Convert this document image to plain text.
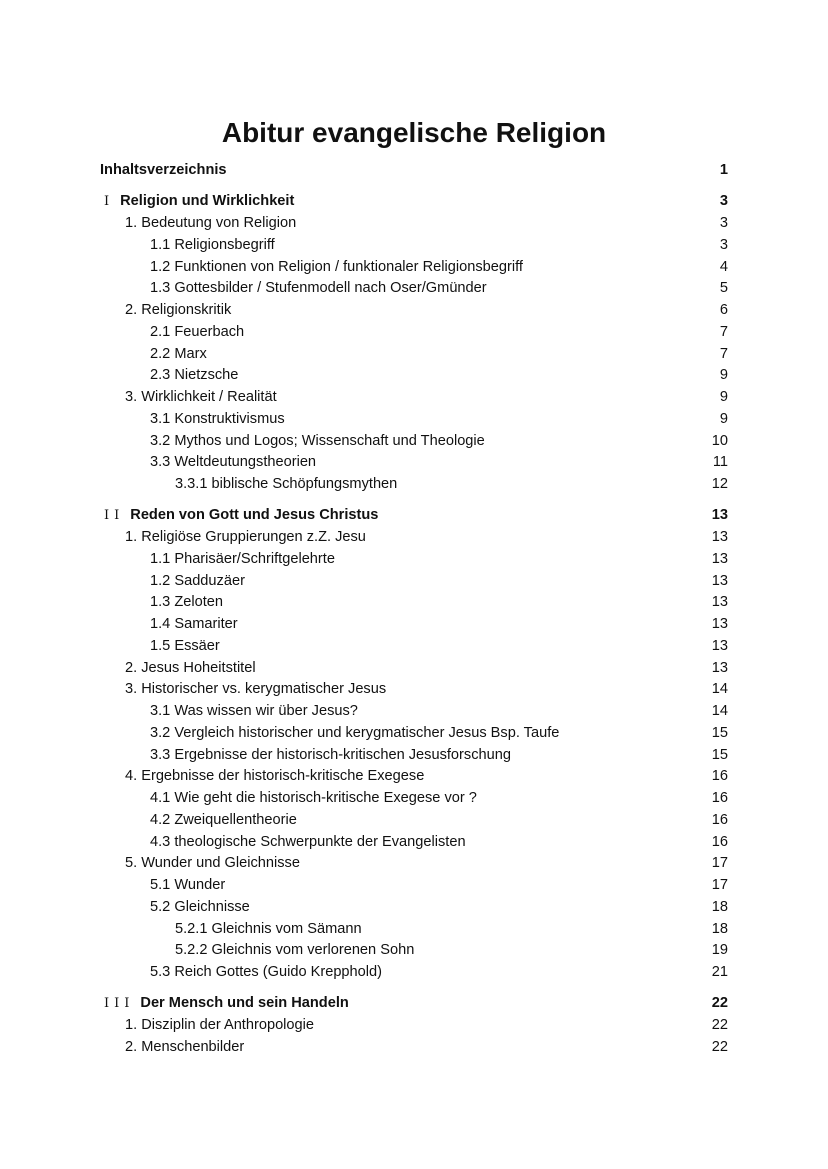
Abitur evangelische Religion
Inhaltsverzeichnis	1
I Religion und Wirklichkeit	3
1. Bedeutung von Religion	3
1.1 Religionsbegriff	3
1.2 Funktionen von Religion / funktionaler Religionsbegriff	4
1.3 Gottesbilder / Stufenmodell nach Oser/Gmünder	5
2. Religionskritik	6
2.1 Feuerbach	7
2.2 Marx	7
2.3 Nietzsche	9
3. Wirklichkeit / Realität	9
3.1 Konstruktivismus	9
3.2 Mythos und Logos; Wissenschaft und Theologie	10
3.3 Weltdeutungstheorien	11
3.3.1 biblische Schöpfungsmythen	12
II Reden von Gott und Jesus Christus	13
1. Religiöse Gruppierungen z.Z. Jesu	13
1.1 Pharisäer/Schriftgelehrte	13
1.2 Sadduzäer	13
1.3 Zeloten	13
1.4 Samariter	13
1.5 Essäer	13
2. Jesus Hoheitstitel	13
3. Historischer vs. kerygmatischer Jesus	14
3.1 Was wissen wir über Jesus?	14
3.2 Vergleich historischer und kerygmatischer Jesus Bsp. Taufe	15
3.3 Ergebnisse der historisch-kritischen Jesusforschung	15
4. Ergebnisse der historisch-kritische Exegese	16
4.1 Wie geht die historisch-kritische Exegese vor ?	16
4.2 Zweiquellentheorie	16
4.3 theologische Schwerpunkte der Evangelisten	16
5. Wunder und Gleichnisse	17
5.1 Wunder	17
5.2 Gleichnisse	18
5.2.1 Gleichnis vom Sämann	18
5.2.2 Gleichnis vom verlorenen Sohn	19
5.3 Reich Gottes (Guido Krepphold)	21
III Der Mensch und sein Handeln	22
1. Disziplin der Anthropologie	22
2. Menschenbilder	22
